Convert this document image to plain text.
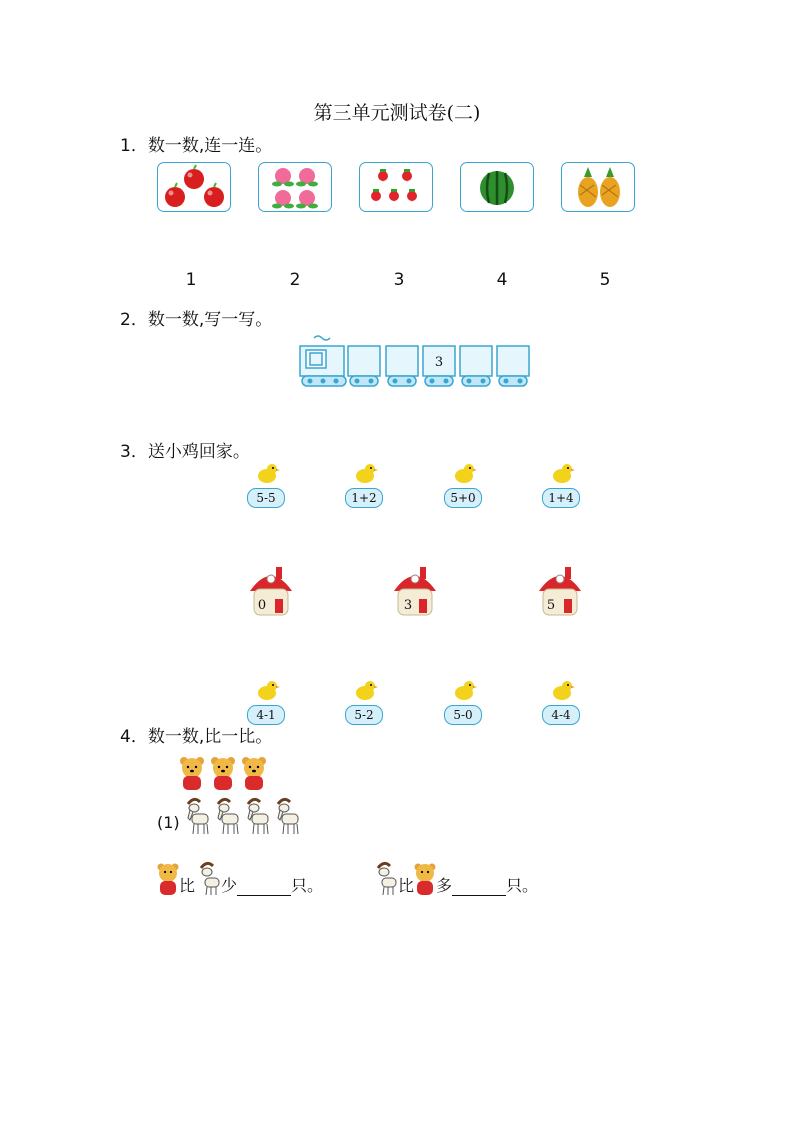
第三单元测试卷(二)
1．数一数,连一连。
1	2	3	4	5
2．数一数,写一写。
3
3．送小鸡回家。
5-5	1+2	5+0	1+4
0	3	5
4-1	5-2	5-0	4-4
4．数一数,比一比。
(1)
比 少	只。	比 多	只。
